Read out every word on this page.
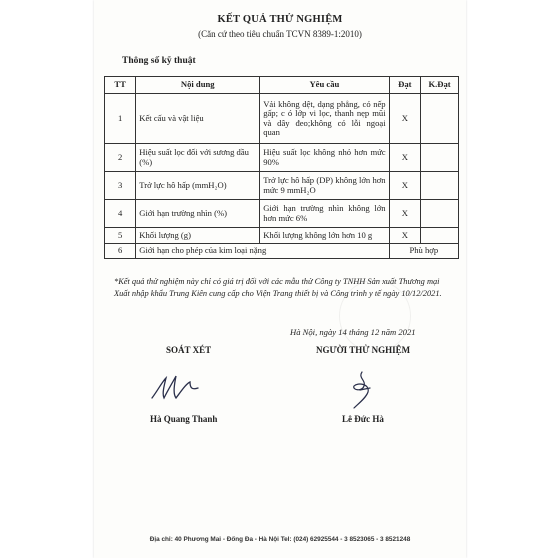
KẾT QUẢ THỬ NGHIỆM
(Căn cứ theo tiêu chuẩn TCVN 8389-1:2010)
Thông số kỹ thuật
TT	Nội dung	Yêu cầu	Đạt	K.Đạt
1	Kết cấu và vật liệu	Vải không dệt, dạng phẳng, có nếp gấp; c ó lớp vi lọc, thanh nẹp mũi và dây đeo;không có lỗi ngoại quan	X	
2	Hiệu suất lọc đối với sương dầu (%)	Hiệu suất lọc không nhỏ hơn mức 90%	X	
3	Trở lực hô hấp (mmH₂O)	Trở lực hô hấp (DP) không lớn hơn mức 9 mmH₂O	X	
4	Giới hạn trường nhìn (%)	Giới hạn trường nhìn không lớn hơn mức 6%	X	
5	Khối lượng (g)	Khối lượng không lớn hơn 10 g	X	
6	Giới hạn cho phép của kim loại nặng		Phù hợp	
*Kết quả thử nghiệm này chỉ có giá trị đối với các mẫu thử Công ty TNHH Sản xuất Thương mại Xuất nhập khẩu Trung Kiên cung cấp cho Viện Trang thiết bị và Công trình y tế ngày 10/12/2021.
Hà Nội, ngày 14 tháng 12 năm 2021
SOÁT XÉT	NGƯỜI THỬ NGHIỆM
Hà Quang Thanh	Lê Đức Hà
Địa chỉ: 40 Phương Mai - Đống Đa - Hà Nội Tel: (024) 62925544 - 3 8523065 - 3 8521248
